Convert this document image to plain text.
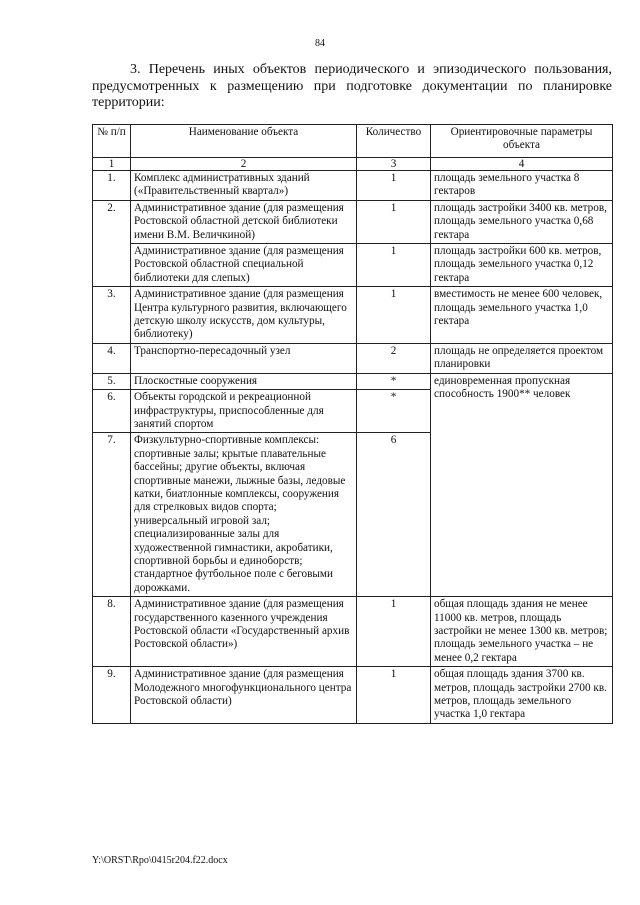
84
3. Перечень иных объектов периодического и эпизодического пользования, предусмотренных к размещению при подготовке документации по планировке территории:
№ п/п	Наименование объекта	Количество	Ориентировочные параметры объекта
1	2	3	4
1.	Комплекс административных зданий («Правительственный квартал»)	1	площадь земельного участка 8 гектаров
2.	Административное здание (для размещения Ростовской областной детской библиотеки имени В.М. Величкиной)	1	площадь застройки 3400 кв. метров, площадь земельного участка 0,68 гектара
	Административное здание (для размещения Ростовской областной специальной библиотеки для слепых)	1	площадь застройки 600 кв. метров, площадь земельного участка 0,12 гектара
3.	Административное здание (для размещения Центра культурного развития, включающего детскую школу искусств, дом культуры, библиотеку)	1	вместимость не менее 600 человек, площадь земельного участка 1,0 гектара
4.	Транспортно-пересадочный узел	2	площадь не определяется проектом планировки
5.	Плоскостные сооружения	*	единовременная пропускная способность 1900** человек
6.	Объекты городской и рекреационной инфраструктуры, приспособленные для занятий спортом	*	
7.	Физкультурно-спортивные комплексы: спортивные залы; крытые плавательные бассейны; другие объекты, включая спортивные манежи, лыжные базы, ледовые катки, биатлонные комплексы, сооружения для стрелковых видов спорта; универсальный игровой зал; специализированные залы для художественной гимнастики, акробатики, спортивной борьбы и единоборств; стандартное футбольное поле с беговыми дорожками.	6	
8.	Административное здание (для размещения государственного казенного учреждения Ростовской области «Государственный архив Ростовской области»)	1	общая площадь здания не менее 11000 кв. метров, площадь застройки не менее 1300 кв. метров; площадь земельного участка – не менее 0,2 гектара
9.	Административное здание (для размещения Молодежного многофункционального центра Ростовской области)	1	общая площадь здания 3700 кв. метров, площадь застройки 2700 кв. метров, площадь земельного участка 1,0 гектара
Y:\ORST\Rpo\0415r204.f22.docx
